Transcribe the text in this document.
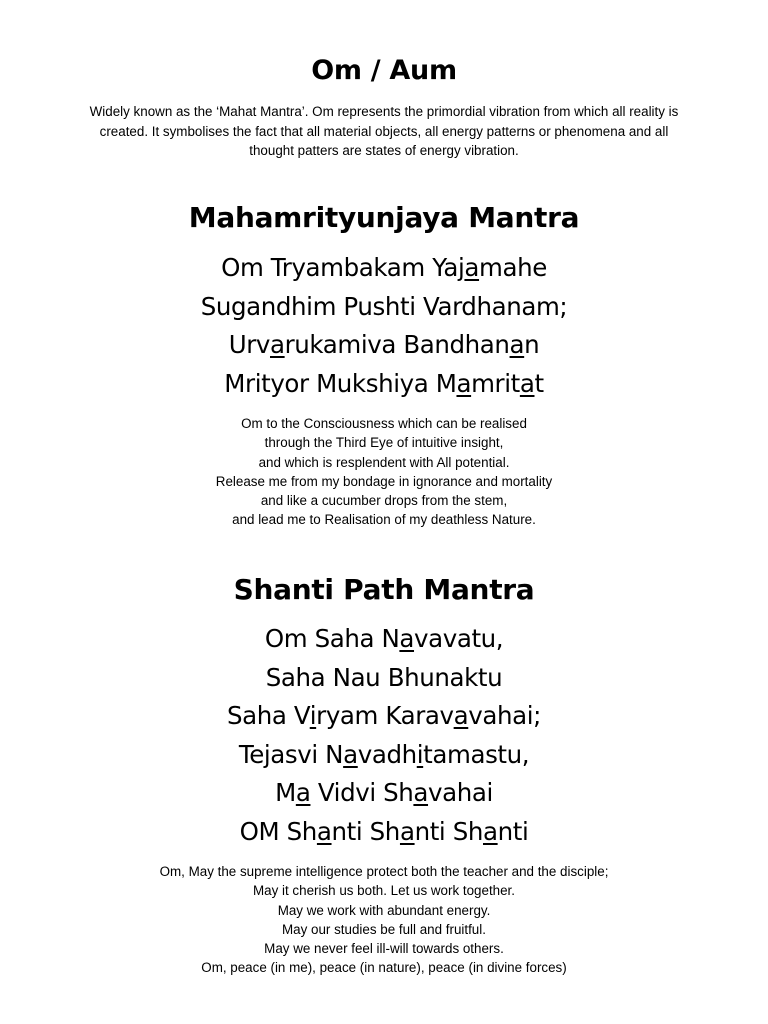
Om / Aum

Widely known as the ‘Mahat Mantra’. Om represents the primordial vibration from which all reality is created. It symbolises the fact that all material objects, all energy patterns or phenomena and all thought patters are states of energy vibration.

Mahamrityunjaya Mantra
Om Tryambakam Yajamahe
Sugandhim Pushti Vardhanam;
Urvarukamiva Bandhanan
Mrityor Mukshiya Mamritat
Om to the Consciousness which can be realised
through the Third Eye of intuitive insight,
and which is resplendent with All potential.
Release me from my bondage in ignorance and mortality
and like a cucumber drops from the stem,
and lead me to Realisation of my deathless Nature.
Shanti Path Mantra
Om Saha Navavatu,
Saha Nau Bhunaktu
Saha Viryam Karavavahai;
Tejasvi Navadhitamastu,
Ma Vidvi Shavahai
OM Shanti Shanti Shanti
Om, May the supreme intelligence protect both the teacher and the disciple;
May it cherish us both. Let us work together.
May we work with abundant energy.
May our studies be full and fruitful.
May we never feel ill-will towards others.
Om, peace (in me), peace (in nature), peace (in divine forces)
